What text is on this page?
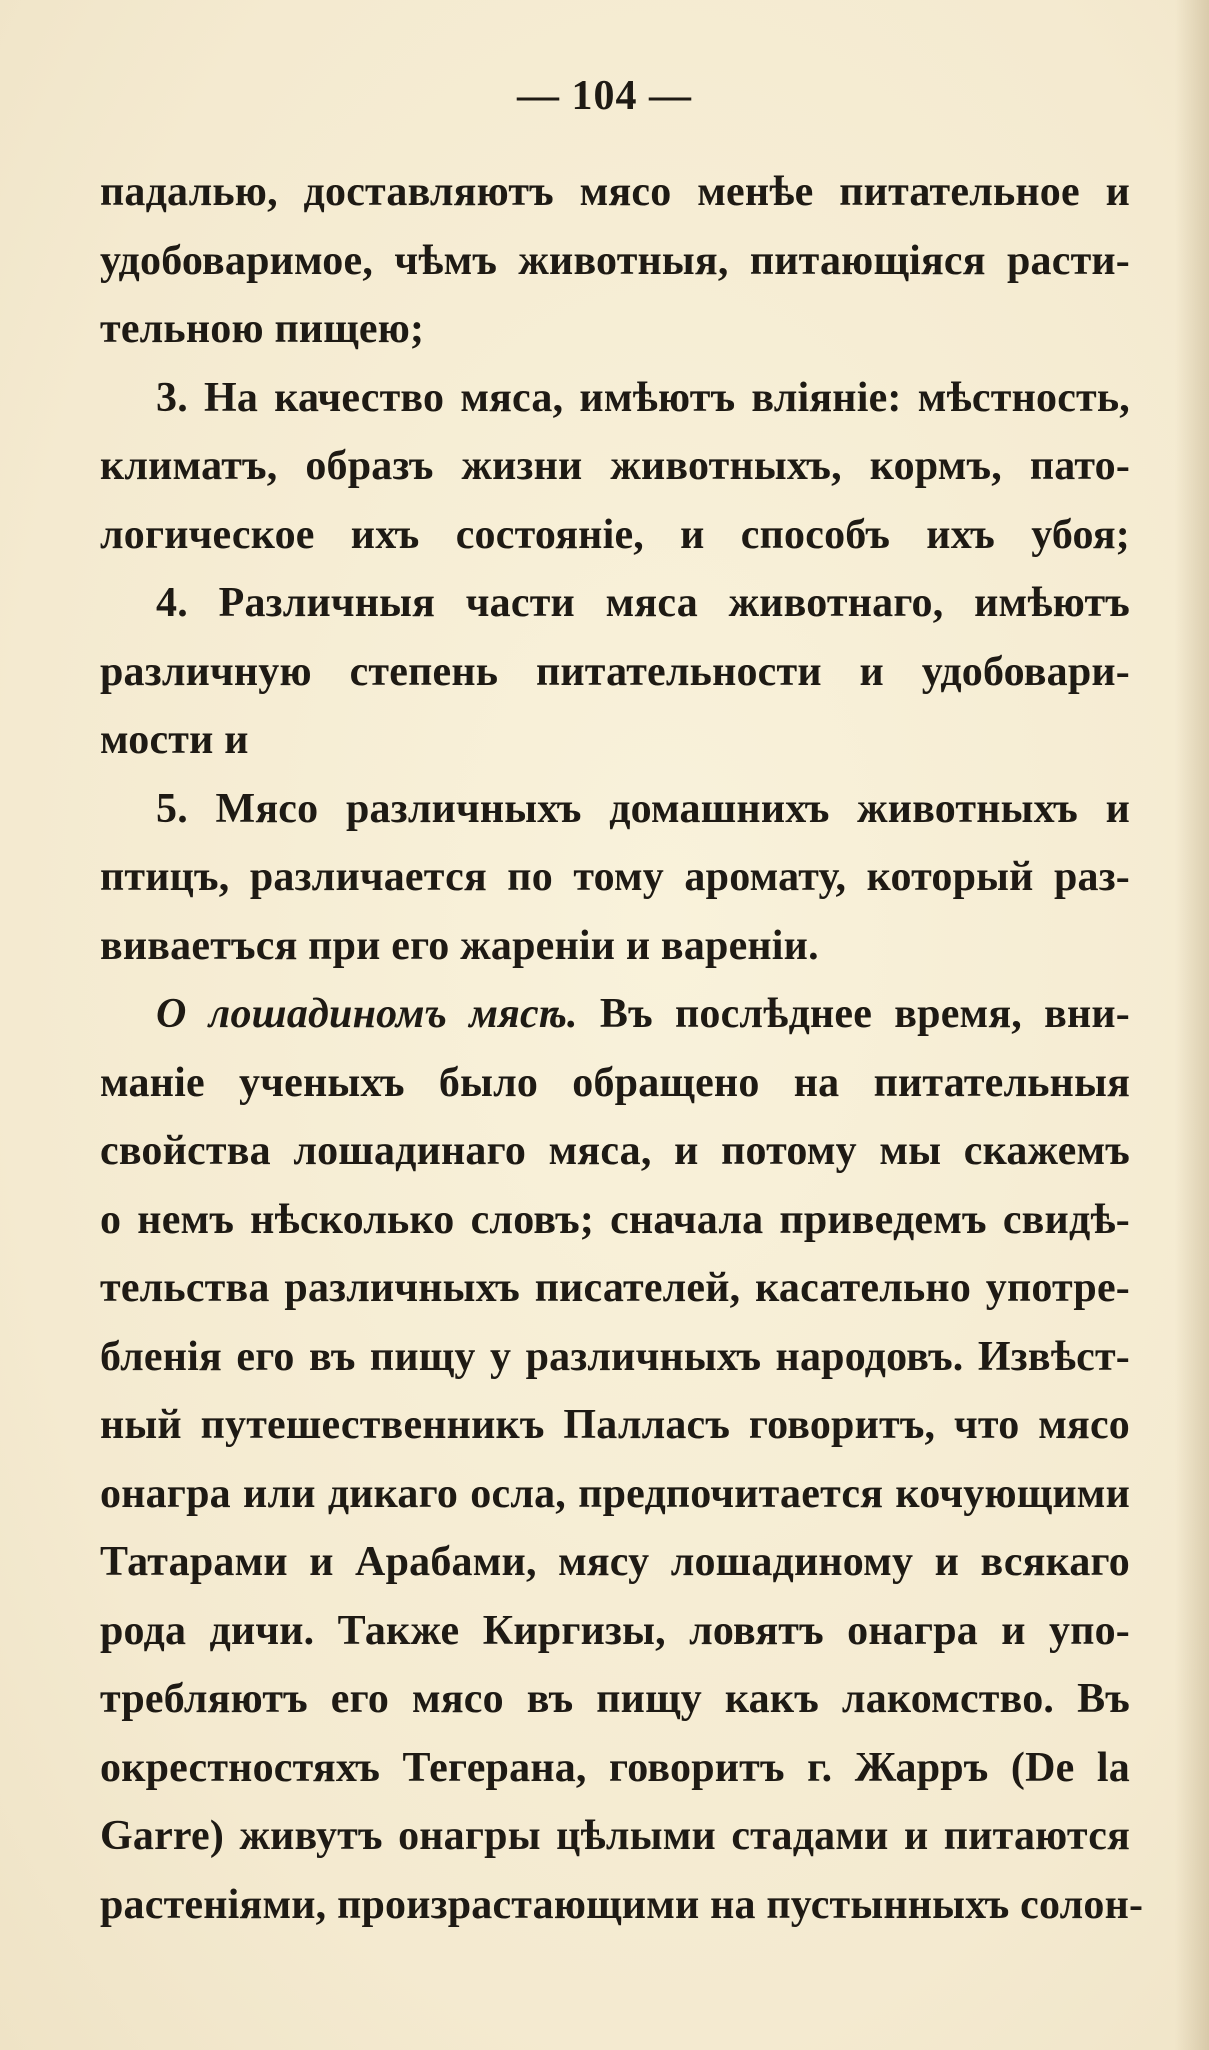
— 104 —
падалью, доставляютъ мясо менѣе питательное и
удобоваримое, чѣмъ животныя, питающіяся расти-
тельною пищею;
3. На качество мяса, имѣютъ вліяніе: мѣстность,
климатъ, образъ жизни животныхъ, кормъ, пато-
логическое ихъ состояніе, и способъ ихъ убоя;
4. Различныя части мяса животнаго, имѣютъ
различную степень питательности и удобовари-
мости и
5. Мясо различныхъ домашнихъ животныхъ и
птицъ, различается по тому аромату, который раз-
виваетъся при его жареніи и вареніи.
О лошадиномъ мясѣ. Въ послѣднее время, вни-
маніе ученыхъ было обращено на питательныя
свойства лошадинаго мяса, и потому мы скажемъ
о немъ нѣсколько словъ; сначала приведемъ свидѣ-
тельства различныхъ писателей, касательно употре-
бленія его въ пищу у различныхъ народовъ. Извѣст-
ный путешественникъ Палласъ говоритъ, что мясо
онагра или дикаго осла, предпочитается кочующими
Татарами и Арабами, мясу лошадиному и всякаго
рода дичи. Также Киргизы, ловятъ онагра и упо-
требляютъ его мясо въ пищу какъ лакомство. Въ
окрестностяхъ Тегерана, говоритъ г. Жарръ (De la
Garre) живутъ онагры цѣлыми стадами и питаются
растеніями, произрастающими на пустынныхъ солон-
